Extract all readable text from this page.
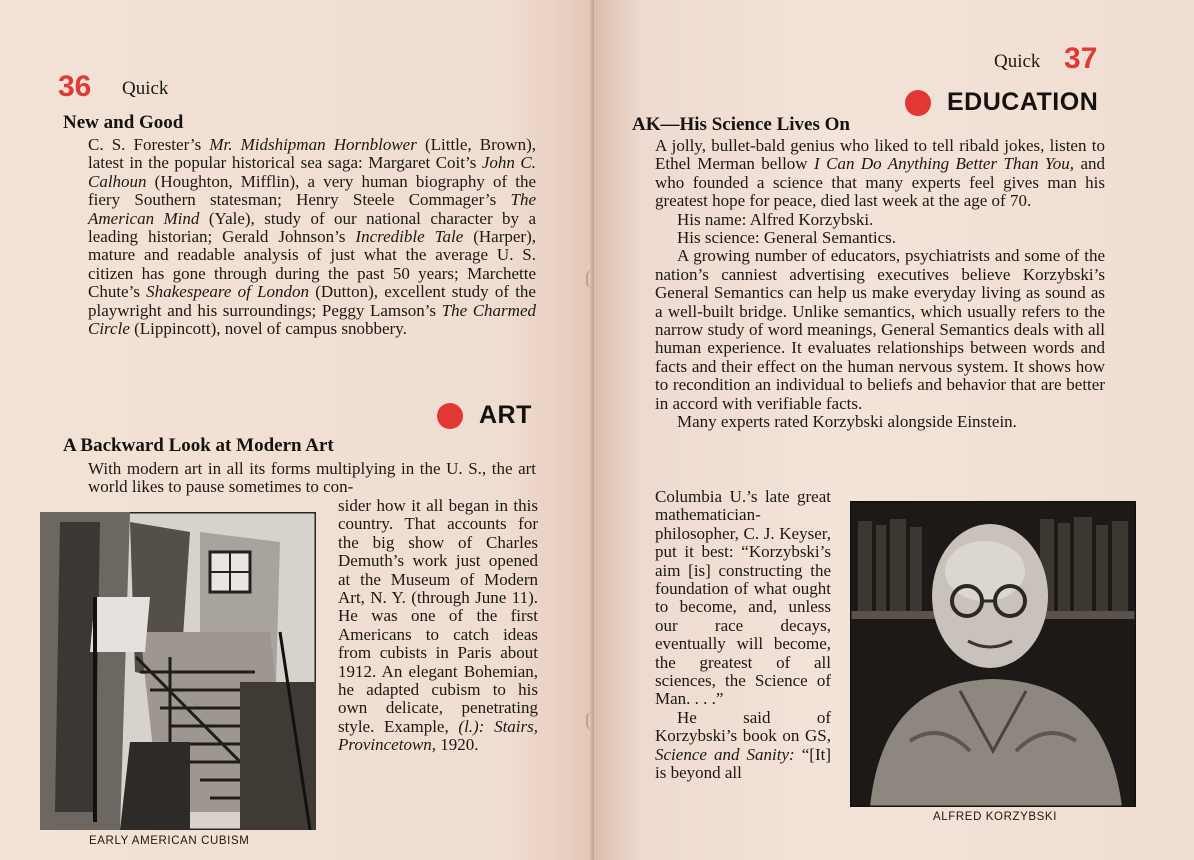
36 Quick
New and Good

C. S. Forester’s Mr. Midshipman Hornblower (Little, Brown), latest in the popular historical sea saga: Margaret Coit’s John C. Calhoun (Houghton, Mifflin), a very human biography of the fiery Southern statesman; Henry Steele Commager’s The American Mind (Yale), study of our national character by a leading historian; Gerald Johnson’s Incredible Tale (Harper), mature and readable analysis of just what the average U. S. citizen has gone through during the past 50 years; Marchette Chute’s Shakespeare of London (Dutton), excellent study of the playwright and his surroundings; Peggy Lamson’s The Charmed Circle (Lippincott), novel of campus snobbery.

ART
A Backward Look at Modern Art

With modern art in all its forms multiplying in the U. S., the art world likes to pause sometimes to con-

EARLY AMERICAN CUBISM

sider how it all began in this country. That accounts for the big show of Charles Demuth’s work just opened at the Museum of Modern Art, N. Y. (through June 11). He was one of the first Americans to catch ideas from cubists in Paris about 1912. An elegant Bohemian, he adapted cubism to his own delicate, penetrating style. Example, (l.): Stairs, Provincetown, 1920.

Quick 37
EDUCATION
AK—His Science Lives On

A jolly, bullet-bald genius who liked to tell ribald jokes, listen to Ethel Merman bellow I Can Do Anything Better Than You, and who founded a science that many experts feel gives man his greatest hope for peace, died last week at the age of 70.

His name: Alfred Korzybski.

His science: General Semantics.

A growing number of educators, psychiatrists and some of the nation’s canniest advertising executives believe Korzybski’s General Semantics can help us make everyday living as sound as a well-built bridge. Unlike semantics, which usually refers to the narrow study of word meanings, General Semantics deals with all human experience. It evaluates relationships between words and facts and their effect on the human nervous system. It shows how to recondition an individual to beliefs and behavior that are better in accord with verifiable facts.

Many experts rated Korzybski alongside Einstein.

Columbia U.’s late great mathematician-philosopher, C. J. Keyser, put it best: “Korzybski’s aim [is] constructing the foundation of what ought to become, and, unless our race decays, eventually will become, the greatest of all sciences, the Science of Man. . . .”

He said of Korzybski’s book on GS, Science and Sanity: “[It] is beyond all

ALFRED KORZYBSKI
